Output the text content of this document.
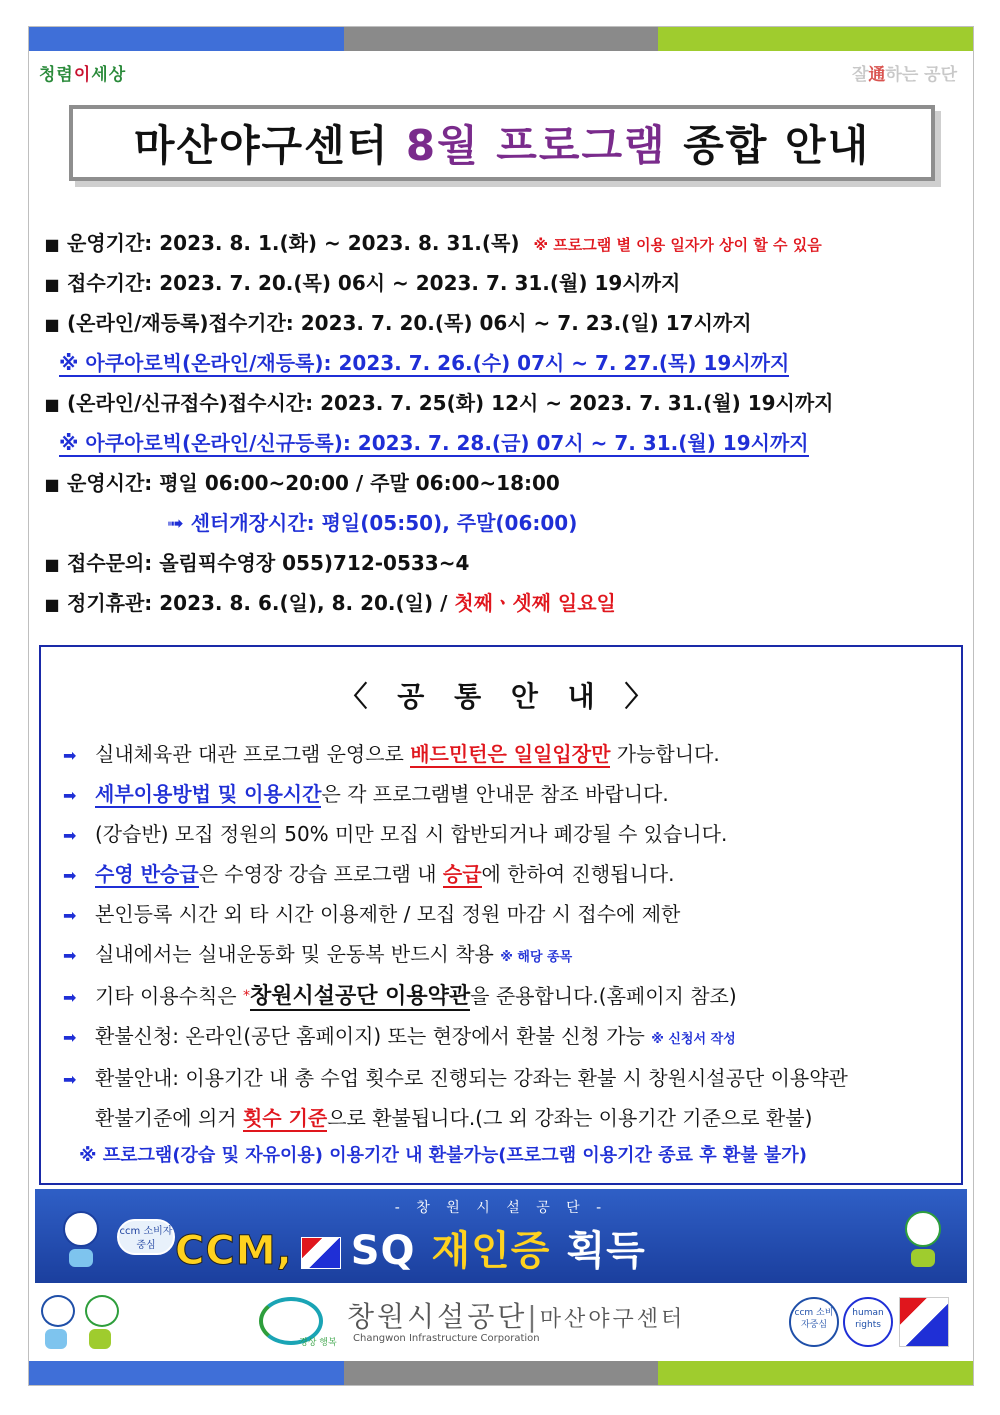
청렴이세상	잘通하는 공단
마산야구센터 8월 프로그램 종합 안내
■ 운영기간: 2023. 8. 1.(화) ~ 2023. 8. 31.(목) ※ 프로그램 별 이용 일자가 상이 할 수 있음
■ 접수기간: 2023. 7. 20.(목) 06시 ~ 2023. 7. 31.(월) 19시까지
■ (온라인/재등록)접수기간: 2023. 7. 20.(목) 06시 ~ 7. 23.(일) 17시까지
※ 아쿠아로빅(온라인/재등록): 2023. 7. 26.(수) 07시 ~ 7. 27.(목) 19시까지
■ (온라인/신규접수)접수시간: 2023. 7. 25(화) 12시 ~ 2023. 7. 31.(월) 19시까지
※ 아쿠아로빅(온라인/신규등록): 2023. 7. 28.(금) 07시 ~ 7. 31.(월) 19시까지
■ 운영시간: 평일 06:00~20:00 / 주말 06:00~18:00
➟ 센터개장시간: 평일(05:50), 주말(06:00)
■ 접수문의: 올림픽수영장 055)712-0533~4
■ 정기휴관: 2023. 8. 6.(일), 8. 20.(일) / 첫째ㆍ셋째 일요일
〈 공 통 안 내 〉
➡ 실내체육관 대관 프로그램 운영으로 배드민턴은 일일입장만 가능합니다.
➡ 세부이용방법 및 이용시간은 각 프로그램별 안내문 참조 바랍니다.
➡ (강습반) 모집 정원의 50% 미만 모집 시 합반되거나 폐강될 수 있습니다.
➡ 수영 반승급은 수영장 강습 프로그램 내 승급에 한하여 진행됩니다.
➡ 본인등록 시간 외 타 시간 이용제한 / 모집 정원 마감 시 접수에 제한
➡ 실내에서는 실내운동화 및 운동복 반드시 착용 ※ 해당 종목
➡ 기타 이용수칙은 *창원시설공단 이용약관을 준용합니다.(홈페이지 참조)
➡ 환불신청: 온라인(공단 홈페이지) 또는 현장에서 환불 신청 가능 ※ 신청서 작성
➡ 환불안내: 이용기간 내 총 수업 횟수로 진행되는 강좌는 환불 시 창원시설공단 이용약관
환불기준에 의거 횟수 기준으로 환불됩니다.(그 외 강좌는 이용기간 기준으로 환불)
※ 프로그램(강습 및 자유이용) 이용기간 내 환불가능(프로그램 이용기간 종료 후 환불 불가)
- 창 원 시 설 공 단 -
ccm 소비자중심 CCM, SQ 재인증 획득
경상 행복
창원시설공단|마산야구센터
Changwon Infrastructure Corporation
ccm 소비자중심
human rights
